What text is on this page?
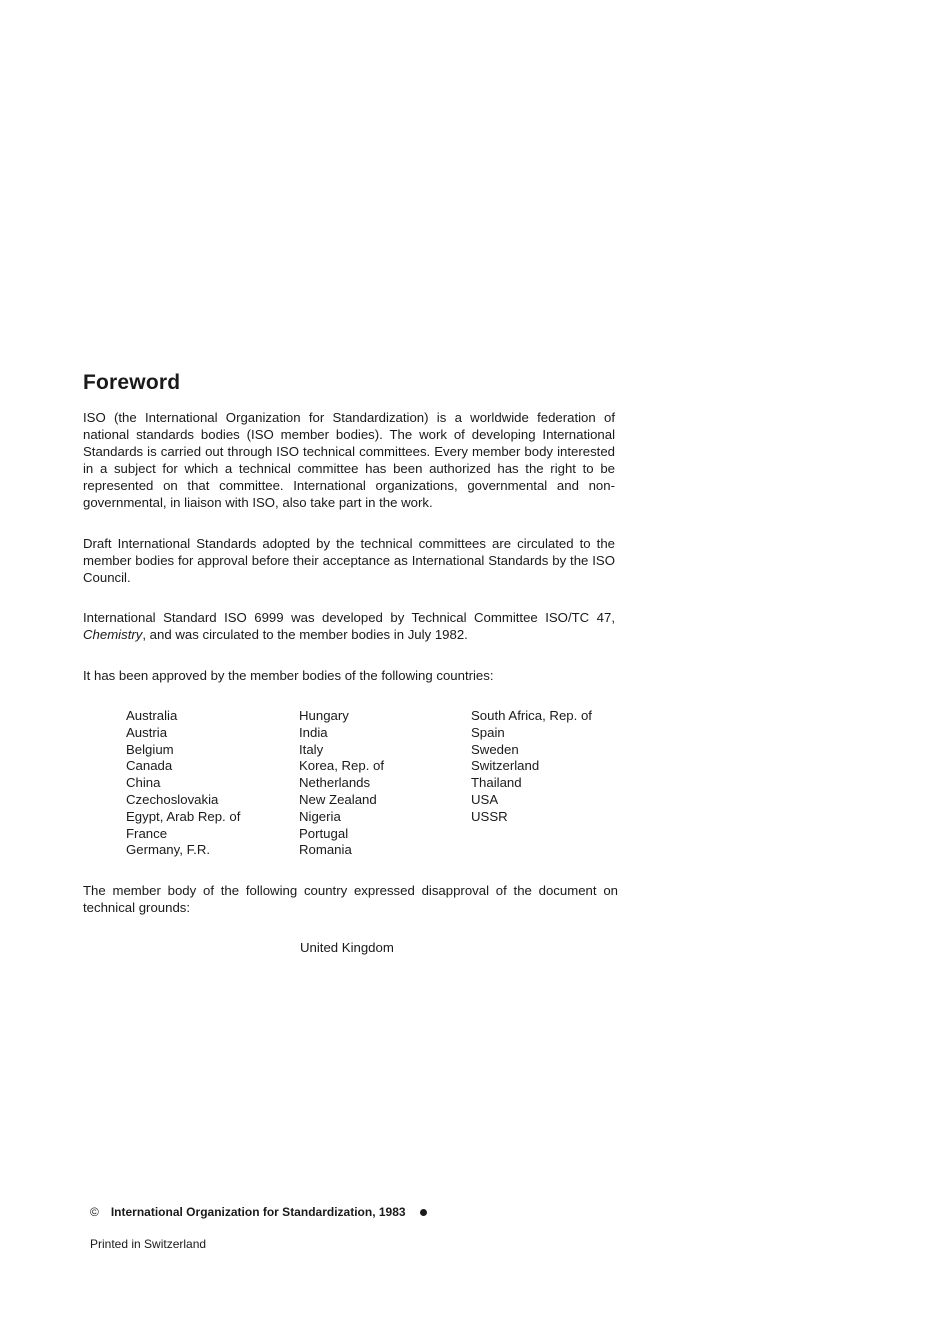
Foreword

ISO (the International Organization for Standardization) is a worldwide federation of national standards bodies (ISO member bodies). The work of developing International Standards is carried out through ISO technical committees. Every member body interested in a subject for which a technical committee has been authorized has the right to be represented on that committee. International organizations, governmental and non-governmental, in liaison with ISO, also take part in the work.

Draft International Standards adopted by the technical committees are circulated to the member bodies for approval before their acceptance as International Standards by the ISO Council.

International Standard ISO 6999 was developed by Technical Committee ISO/TC 47, Chemistry, and was circulated to the member bodies in July 1982.

It has been approved by the member bodies of the following countries:

Australia
Austria
Belgium
Canada
China
Czechoslovakia
Egypt, Arab Rep. of
France
Germany, F.R.
Hungary
India
Italy
Korea, Rep. of
Netherlands
New Zealand
Nigeria
Portugal
Romania
South Africa, Rep. of
Spain
Sweden
Switzerland
Thailand
USA
USSR

The member body of the following country expressed disapproval of the document on technical grounds:

United Kingdom

© International Organization for Standardization, 1983

Printed in Switzerland
